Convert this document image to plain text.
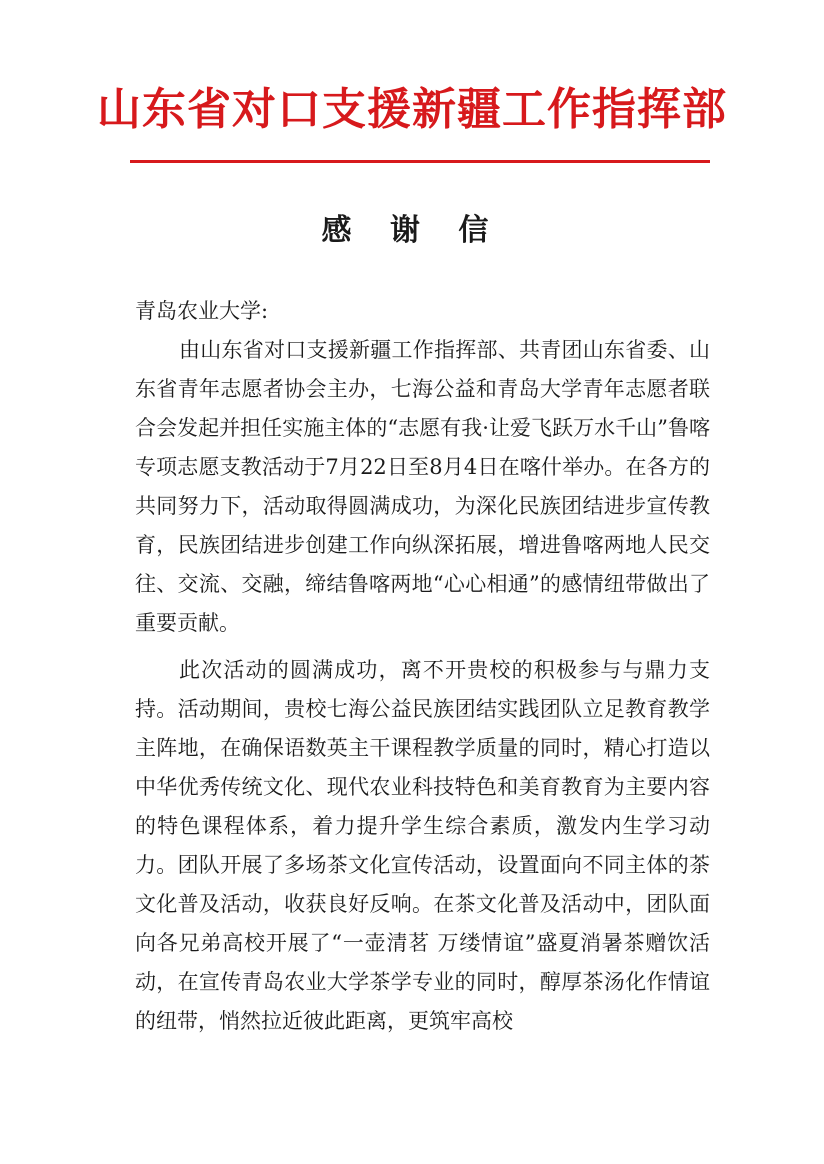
山东省对口支援新疆工作指挥部
感 谢 信

青岛农业大学:

由山东省对口支援新疆工作指挥部、共青团山东省委、山东省青年志愿者协会主办，七海公益和青岛大学青年志愿者联合会发起并担任实施主体的“志愿有我·让爱飞跃万水千山”鲁喀专项志愿支教活动于7月22日至8月4日在喀什举办。在各方的共同努力下，活动取得圆满成功，为深化民族团结进步宣传教育，民族团结进步创建工作向纵深拓展，增进鲁喀两地人民交往、交流、交融，缔结鲁喀两地“心心相通”的感情纽带做出了重要贡献。

此次活动的圆满成功，离不开贵校的积极参与与鼎力支持。活动期间，贵校七海公益民族团结实践团队立足教育教学主阵地，在确保语数英主干课程教学质量的同时，精心打造以中华优秀传统文化、现代农业科技特色和美育教育为主要内容的特色课程体系，着力提升学生综合素质，激发内生学习动力。团队开展了多场茶文化宣传活动，设置面向不同主体的茶文化普及活动，收获良好反响。在茶文化普及活动中，团队面向各兄弟高校开展了“一壶清茗 万缕情谊”盛夏消暑茶赠饮活动，在宣传青岛农业大学茶学专业的同时，醇厚茶汤化作情谊的纽带，悄然拉近彼此距离，更筑牢高校
